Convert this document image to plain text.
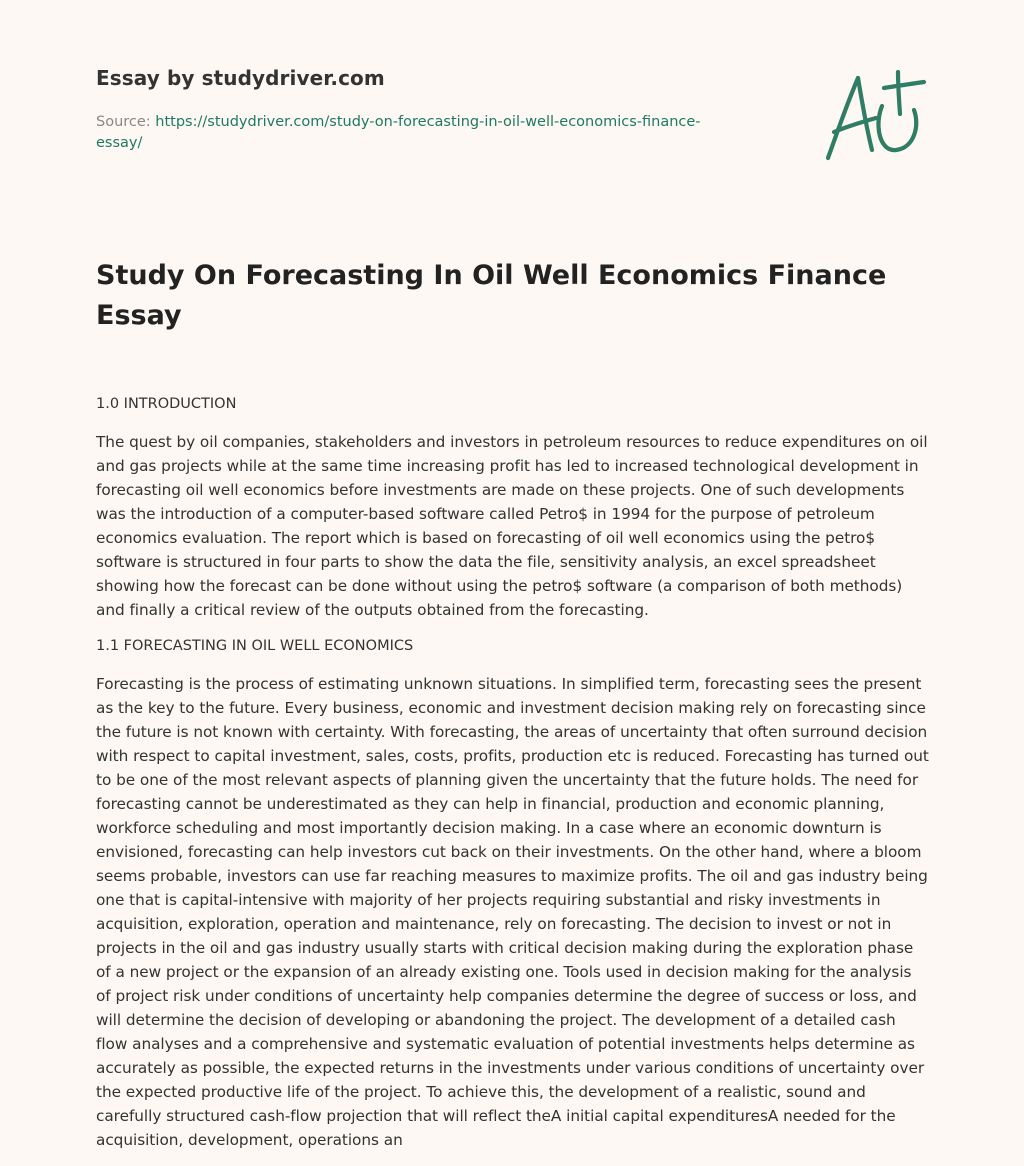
Essay by studydriver.com
Source: https://studydriver.com/study-on-forecasting-in-oil-well-economics-finance-essay/
Study On Forecasting In Oil Well Economics Finance Essay
1.0 INTRODUCTION

The quest by oil companies, stakeholders and investors in petroleum resources to reduce expenditures on oil and gas projects while at the same time increasing profit has led to increased technological development in forecasting oil well economics before investments are made on these projects. One of such developments was the introduction of a computer-based software called Petro$ in 1994 for the purpose of petroleum economics evaluation. The report which is based on forecasting of oil well economics using the petro$ software is structured in four parts to show the data the file, sensitivity analysis, an excel spreadsheet showing how the forecast can be done without using the petro$ software (a comparison of both methods) and finally a critical review of the outputs obtained from the forecasting.

1.1 FORECASTING IN OIL WELL ECONOMICS

Forecasting is the process of estimating unknown situations. In simplified term, forecasting sees the present as the key to the future. Every business, economic and investment decision making rely on forecasting since the future is not known with certainty. With forecasting, the areas of uncertainty that often surround decision with respect to capital investment, sales, costs, profits, production etc is reduced. Forecasting has turned out to be one of the most relevant aspects of planning given the uncertainty that the future holds. The need for forecasting cannot be underestimated as they can help in financial, production and economic planning, workforce scheduling and most importantly decision making. In a case where an economic downturn is envisioned, forecasting can help investors cut back on their investments. On the other hand, where a bloom seems probable, investors can use far reaching measures to maximize profits. The oil and gas industry being one that is capital-intensive with majority of her projects requiring substantial and risky investments in acquisition, exploration, operation and maintenance, rely on forecasting. The decision to invest or not in projects in the oil and gas industry usually starts with critical decision making during the exploration phase of a new project or the expansion of an already existing one. Tools used in decision making for the analysis of project risk under conditions of uncertainty help companies determine the degree of success or loss, and will determine the decision of developing or abandoning the project. The development of a detailed cash flow analyses and a comprehensive and systematic evaluation of potential investments helps determine as accurately as possible, the expected returns in the investments under various conditions of uncertainty over the expected productive life of the project. To achieve this, the development of a realistic, sound and carefully structured cash-flow projection that will reflect theA initial capital expendituresA needed for the acquisition, development, operations an
